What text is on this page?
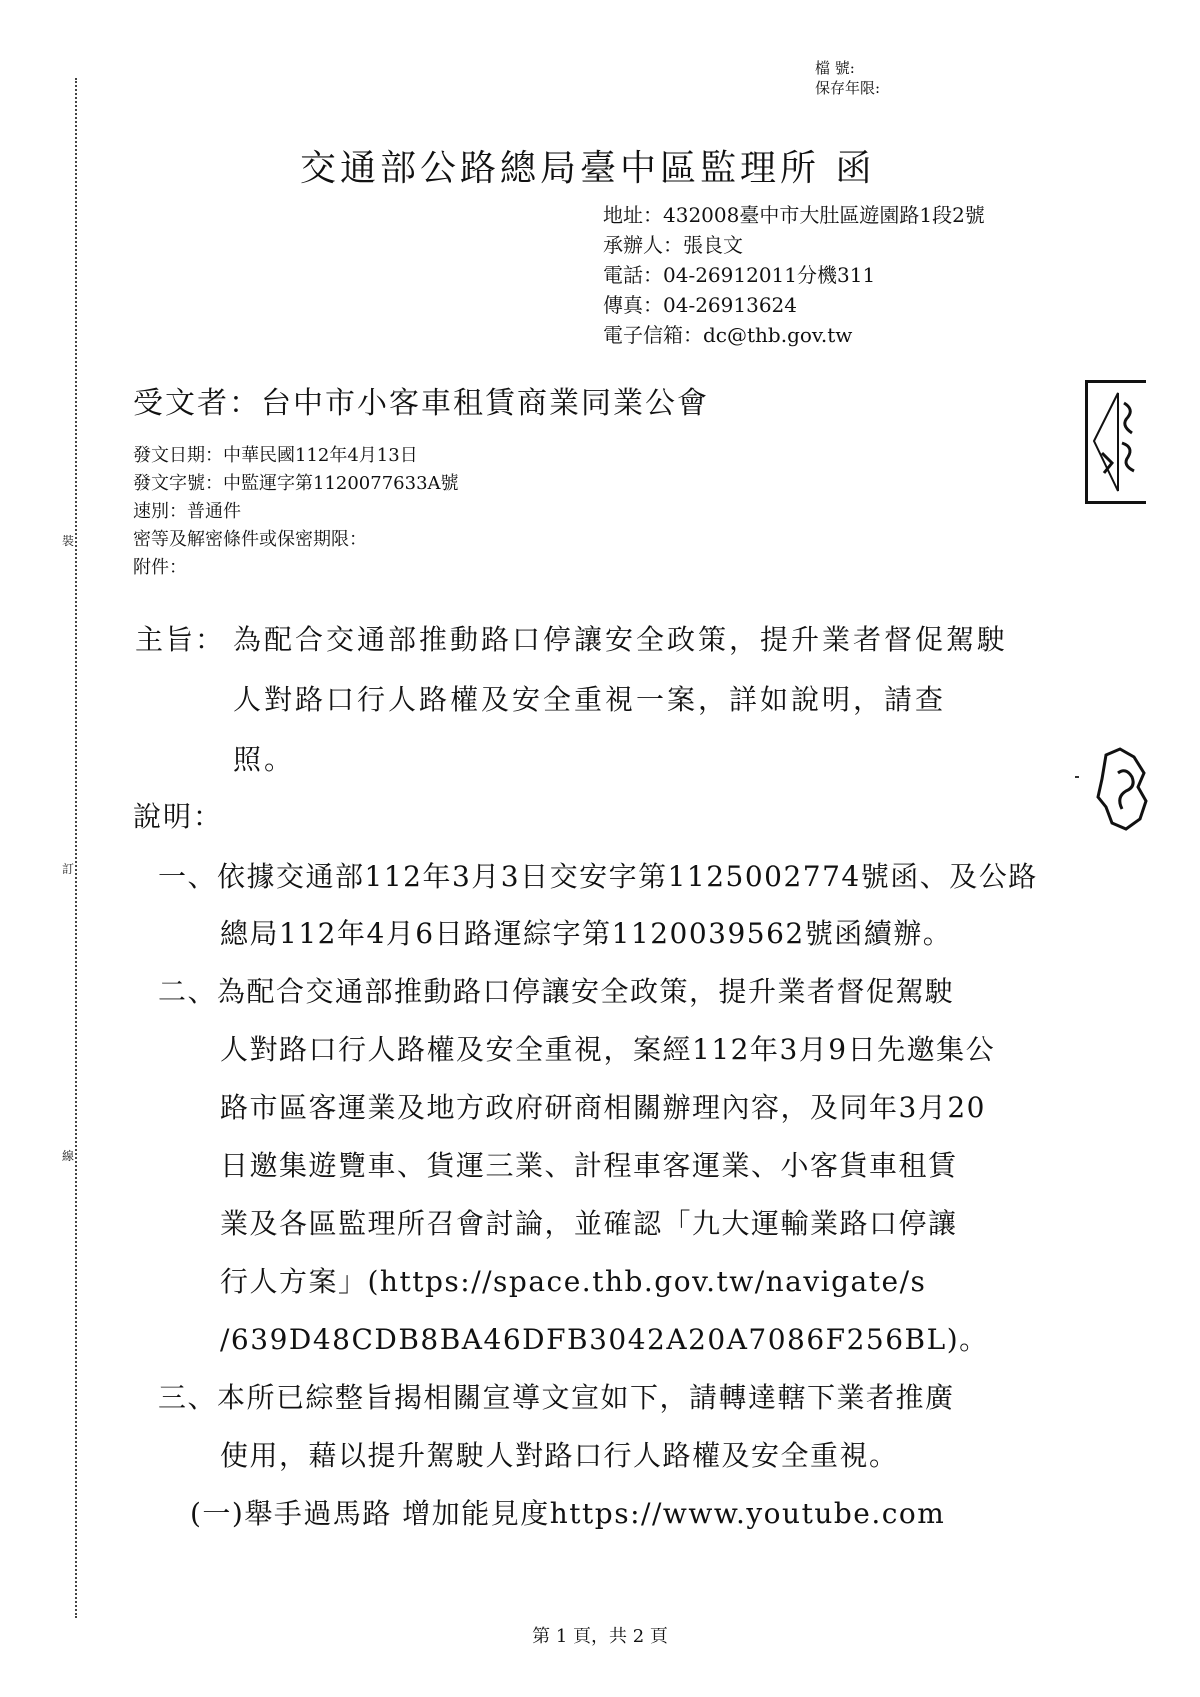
裝
訂
線
檔 號:
保存年限:
交通部公路總局臺中區監理所 函
地址：432008臺中市大肚區遊園路1段2號
承辦人：張良文
電話：04-26912011分機311
傳真：04-26913624
電子信箱：dc@thb.gov.tw
受文者：台中市小客車租賃商業同業公會
發文日期：中華民國112年4月13日
發文字號：中監運字第1120077633A號
速別：普通件
密等及解密條件或保密期限：
附件：
主旨： 為配合交通部推動路口停讓安全政策，提升業者督促駕駛
人對路口行人路權及安全重視一案，詳如說明，請查
照。
說明：
一、依據交通部112年3月3日交安字第1125002774號函、及公路
總局112年4月6日路運綜字第1120039562號函續辦。
二、為配合交通部推動路口停讓安全政策，提升業者督促駕駛
人對路口行人路權及安全重視，案經112年3月9日先邀集公
路市區客運業及地方政府研商相關辦理內容，及同年3月20
日邀集遊覽車、貨運三業、計程車客運業、小客貨車租賃
業及各區監理所召會討論，並確認「九大運輸業路口停讓
行人方案」(https://space.thb.gov.tw/navigate/s
/639D48CDB8BA46DFB3042A20A7086F256BL)。
三、本所已綜整旨揭相關宣導文宣如下，請轉達轄下業者推廣
使用，藉以提升駕駛人對路口行人路權及安全重視。
(一)舉手過馬路 增加能見度https://www.youtube.com
第 1 頁，共 2 頁
